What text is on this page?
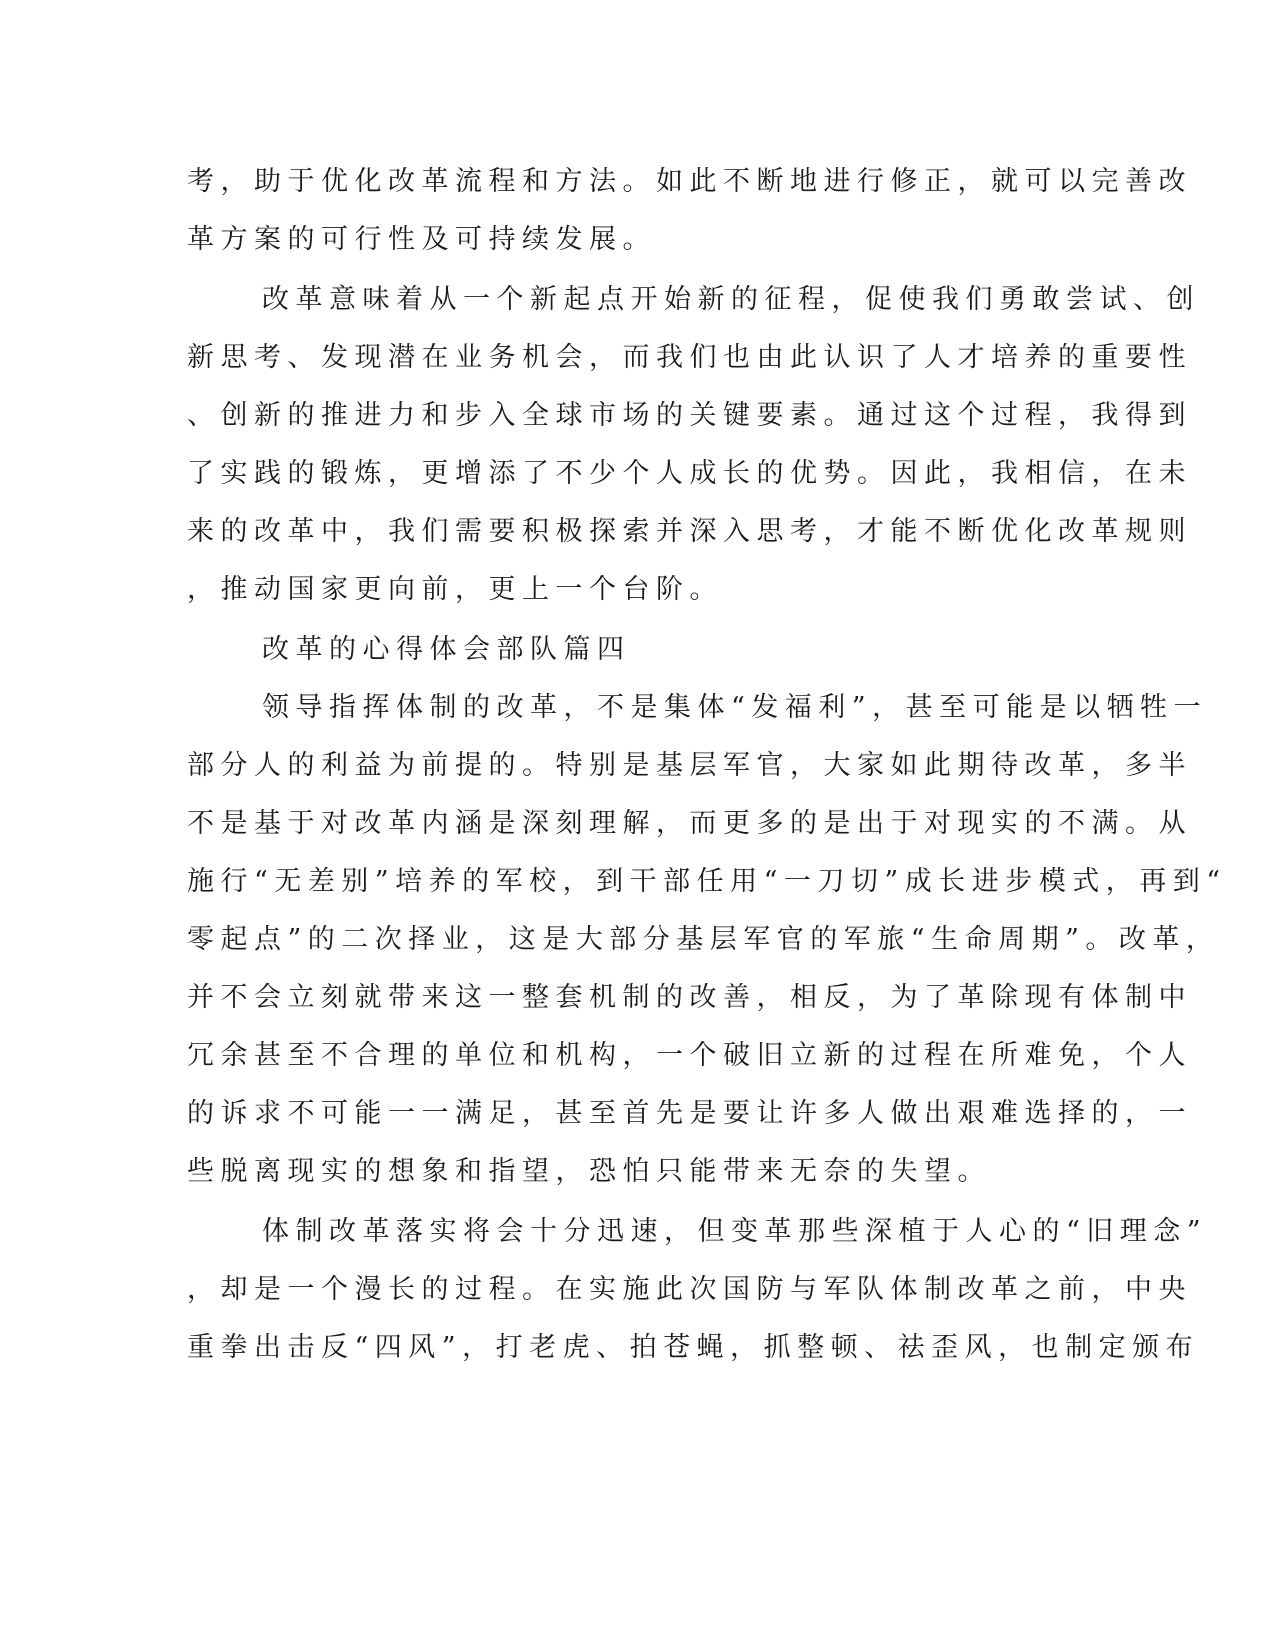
考，助于优化改革流程和方法。如此不断地进行修正，就可以完善改
革方案的可行性及可持续发展。
改革意味着从一个新起点开始新的征程，促使我们勇敢尝试、创
新思考、发现潜在业务机会，而我们也由此认识了人才培养的重要性
、创新的推进力和步入全球市场的关键要素。通过这个过程，我得到
了实践的锻炼，更增添了不少个人成长的优势。因此，我相信，在未
来的改革中，我们需要积极探索并深入思考，才能不断优化改革规则
，推动国家更向前，更上一个台阶。
改革的心得体会部队篇四
领导指挥体制的改革，不是集体“发福利”，甚至可能是以牺牲一
部分人的利益为前提的。特别是基层军官，大家如此期待改革，多半
不是基于对改革内涵是深刻理解，而更多的是出于对现实的不满。从
施行“无差别”培养的军校，到干部任用“一刀切”成长进步模式，再到“
零起点”的二次择业，这是大部分基层军官的军旅“生命周期”。改革，
并不会立刻就带来这一整套机制的改善，相反，为了革除现有体制中
冗余甚至不合理的单位和机构，一个破旧立新的过程在所难免，个人
的诉求不可能一一满足，甚至首先是要让许多人做出艰难选择的，一
些脱离现实的想象和指望，恐怕只能带来无奈的失望。
体制改革落实将会十分迅速，但变革那些深植于人心的“旧理念”
，却是一个漫长的过程。在实施此次国防与军队体制改革之前，中央
重拳出击反“四风”，打老虎、拍苍蝇，抓整顿、祛歪风，也制定颁布
